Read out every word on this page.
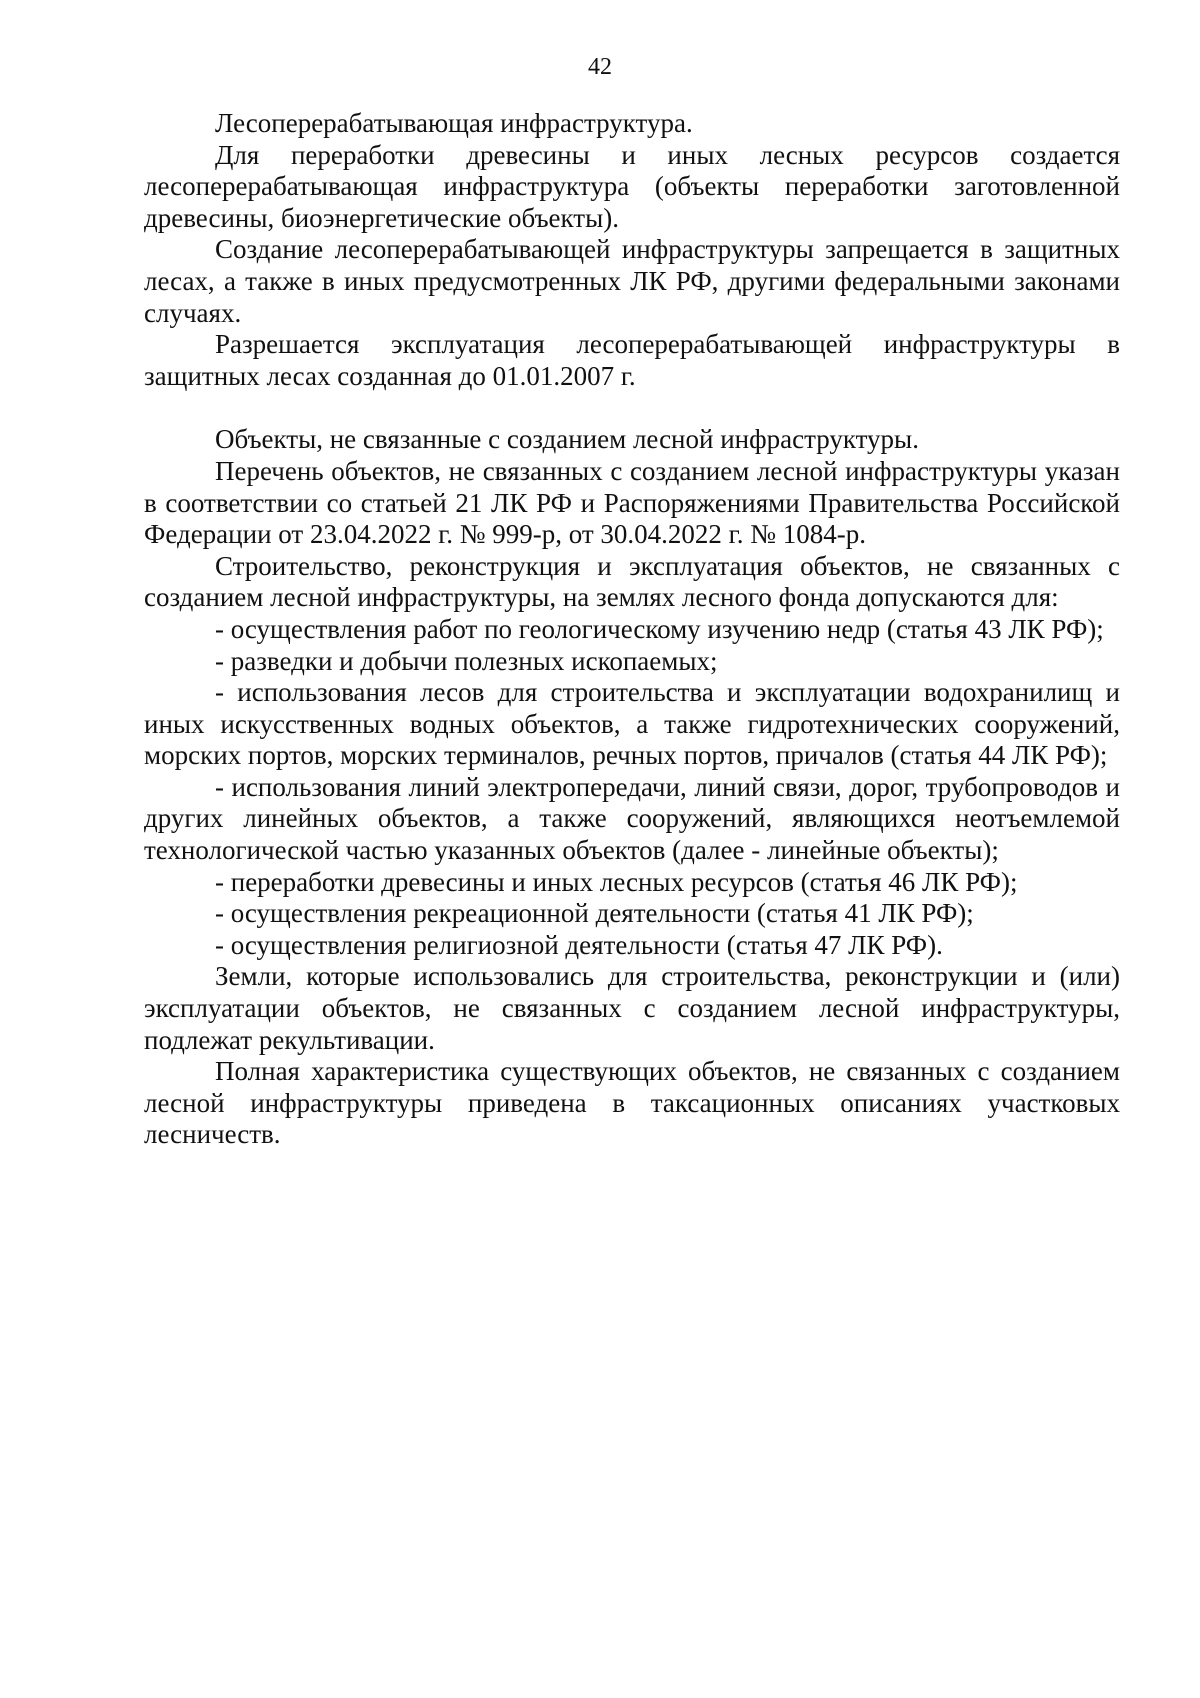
42

Лесоперерабатывающая инфраструктура.

Для переработки древесины и иных лесных ресурсов создается лесоперерабатывающая инфраструктура (объекты переработки заготовленной древесины, биоэнергетические объекты).

Создание лесоперерабатывающей инфраструктуры запрещается в защитных лесах, а также в иных предусмотренных ЛК РФ, другими федеральными законами случаях.

Разрешается эксплуатация лесоперерабатывающей инфраструктуры в защитных лесах созданная до 01.01.2007 г.

Объекты, не связанные с созданием лесной инфраструктуры.

Перечень объектов, не связанных с созданием лесной инфраструктуры указан в соответствии со статьей 21 ЛК РФ и Распоряжениями Правительства Российской Федерации от 23.04.2022 г. № 999-р, от 30.04.2022 г. № 1084-р.

Строительство, реконструкция и эксплуатация объектов, не связанных с созданием лесной инфраструктуры, на землях лесного фонда допускаются для:

- осуществления работ по геологическому изучению недр (статья 43 ЛК РФ);

- разведки и добычи полезных ископаемых;

- использования лесов для строительства и эксплуатации водохранилищ и иных искусственных водных объектов, а также гидротехнических сооружений, морских портов, морских терминалов, речных портов, причалов (статья 44 ЛК РФ);

- использования линий электропередачи, линий связи, дорог, трубопроводов и других линейных объектов, а также сооружений, являющихся неотъемлемой технологической частью указанных объектов (далее - линейные объекты);

- переработки древесины и иных лесных ресурсов (статья 46 ЛК РФ);

- осуществления рекреационной деятельности (статья 41 ЛК РФ);

- осуществления религиозной деятельности (статья 47 ЛК РФ).

Земли, которые использовались для строительства, реконструкции и (или) эксплуатации объектов, не связанных с созданием лесной инфраструктуры, подлежат рекультивации.

Полная характеристика существующих объектов, не связанных с созданием лесной инфраструктуры приведена в таксационных описаниях участковых лесничеств.
